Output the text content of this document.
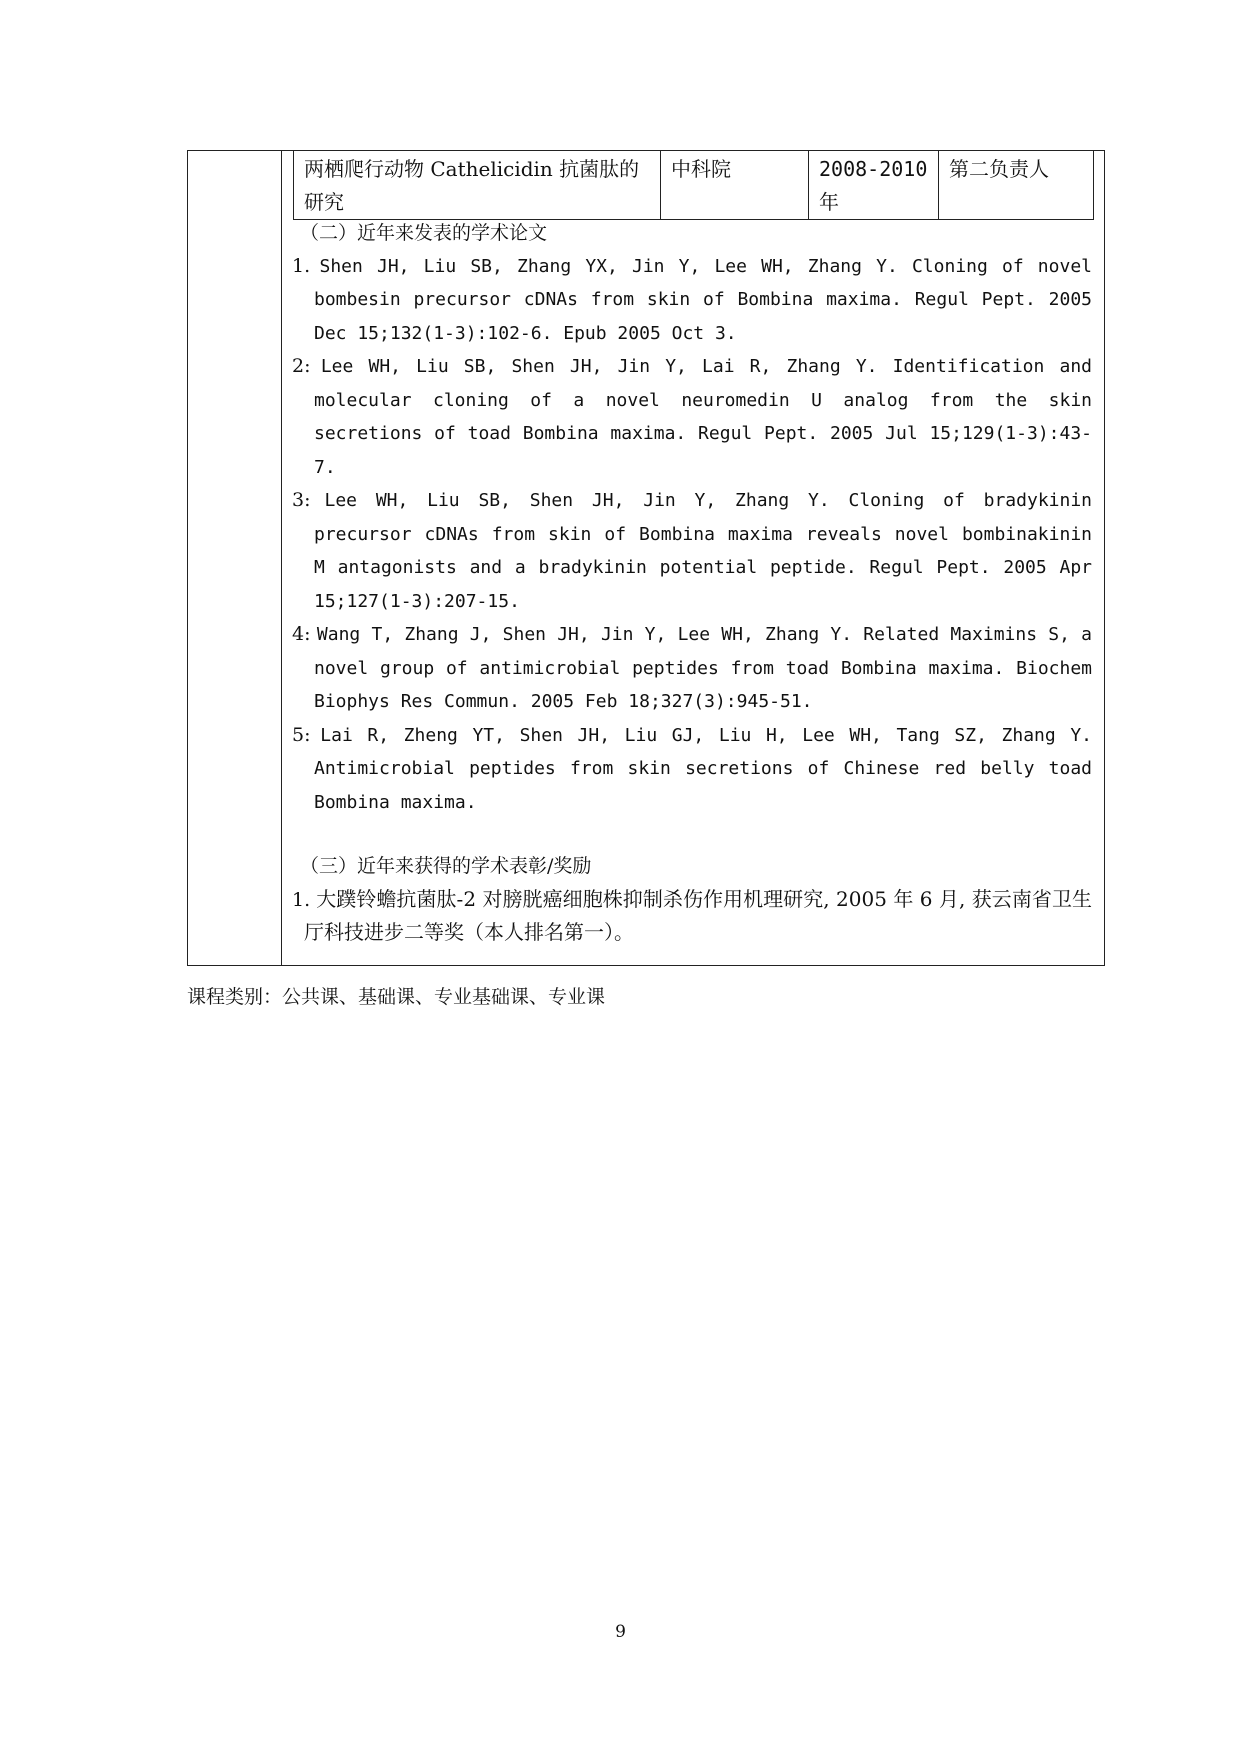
两栖爬行动物 Cathelicidin 抗菌肽的研究	中科院	2008-2010年	第二负责人
（二）近年来发表的学术论文

1. Shen JH, Liu SB, Zhang YX, Jin Y, Lee WH, Zhang Y. Cloning of novel bombesin precursor cDNAs from skin of Bombina maxima. Regul Pept. 2005 Dec 15;132(1-3):102-6. Epub 2005 Oct 3.

2: Lee WH, Liu SB, Shen JH, Jin Y, Lai R, Zhang Y. Identification and molecular cloning of a novel neuromedin U analog from the skin secretions of toad Bombina maxima. Regul Pept. 2005 Jul 15;129(1-3):43-7.

3: Lee WH, Liu SB, Shen JH, Jin Y, Zhang Y. Cloning of bradykinin precursor cDNAs from skin of Bombina maxima reveals novel bombinakinin M antagonists and a bradykinin potential peptide. Regul Pept. 2005 Apr 15;127(1-3):207-15.

4: Wang T, Zhang J, Shen JH, Jin Y, Lee WH, Zhang Y. Related Maximins S, a novel group of antimicrobial peptides from toad Bombina maxima. Biochem Biophys Res Commun. 2005 Feb 18;327(3):945-51.

5: Lai R, Zheng YT, Shen JH, Liu GJ, Liu H, Lee WH, Tang SZ, Zhang Y. Antimicrobial peptides from skin secretions of Chinese red belly toad Bombina maxima.

（三）近年来获得的学术表彰/奖励

1. 大蹼铃蟾抗菌肽-2 对膀胱癌细胞株抑制杀伤作用机理研究, 2005 年 6 月, 获云南省卫生厅科技进步二等奖（本人排名第一）。

课程类别：公共课、基础课、专业基础课、专业课
9
